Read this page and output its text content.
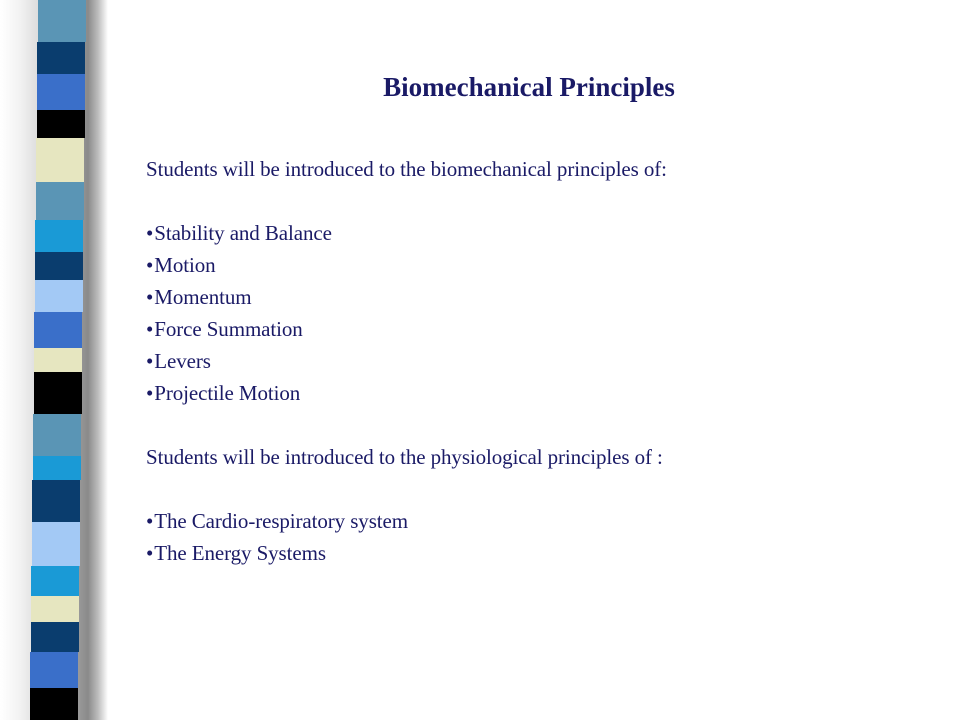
Biomechanical Principles
Students will be introduced to the biomechanical principles of:
•Stability and Balance
•Motion
•Momentum
•Force Summation
•Levers
•Projectile Motion
Students will be introduced to the physiological principles of :
•The Cardio-respiratory system
•The Energy Systems
